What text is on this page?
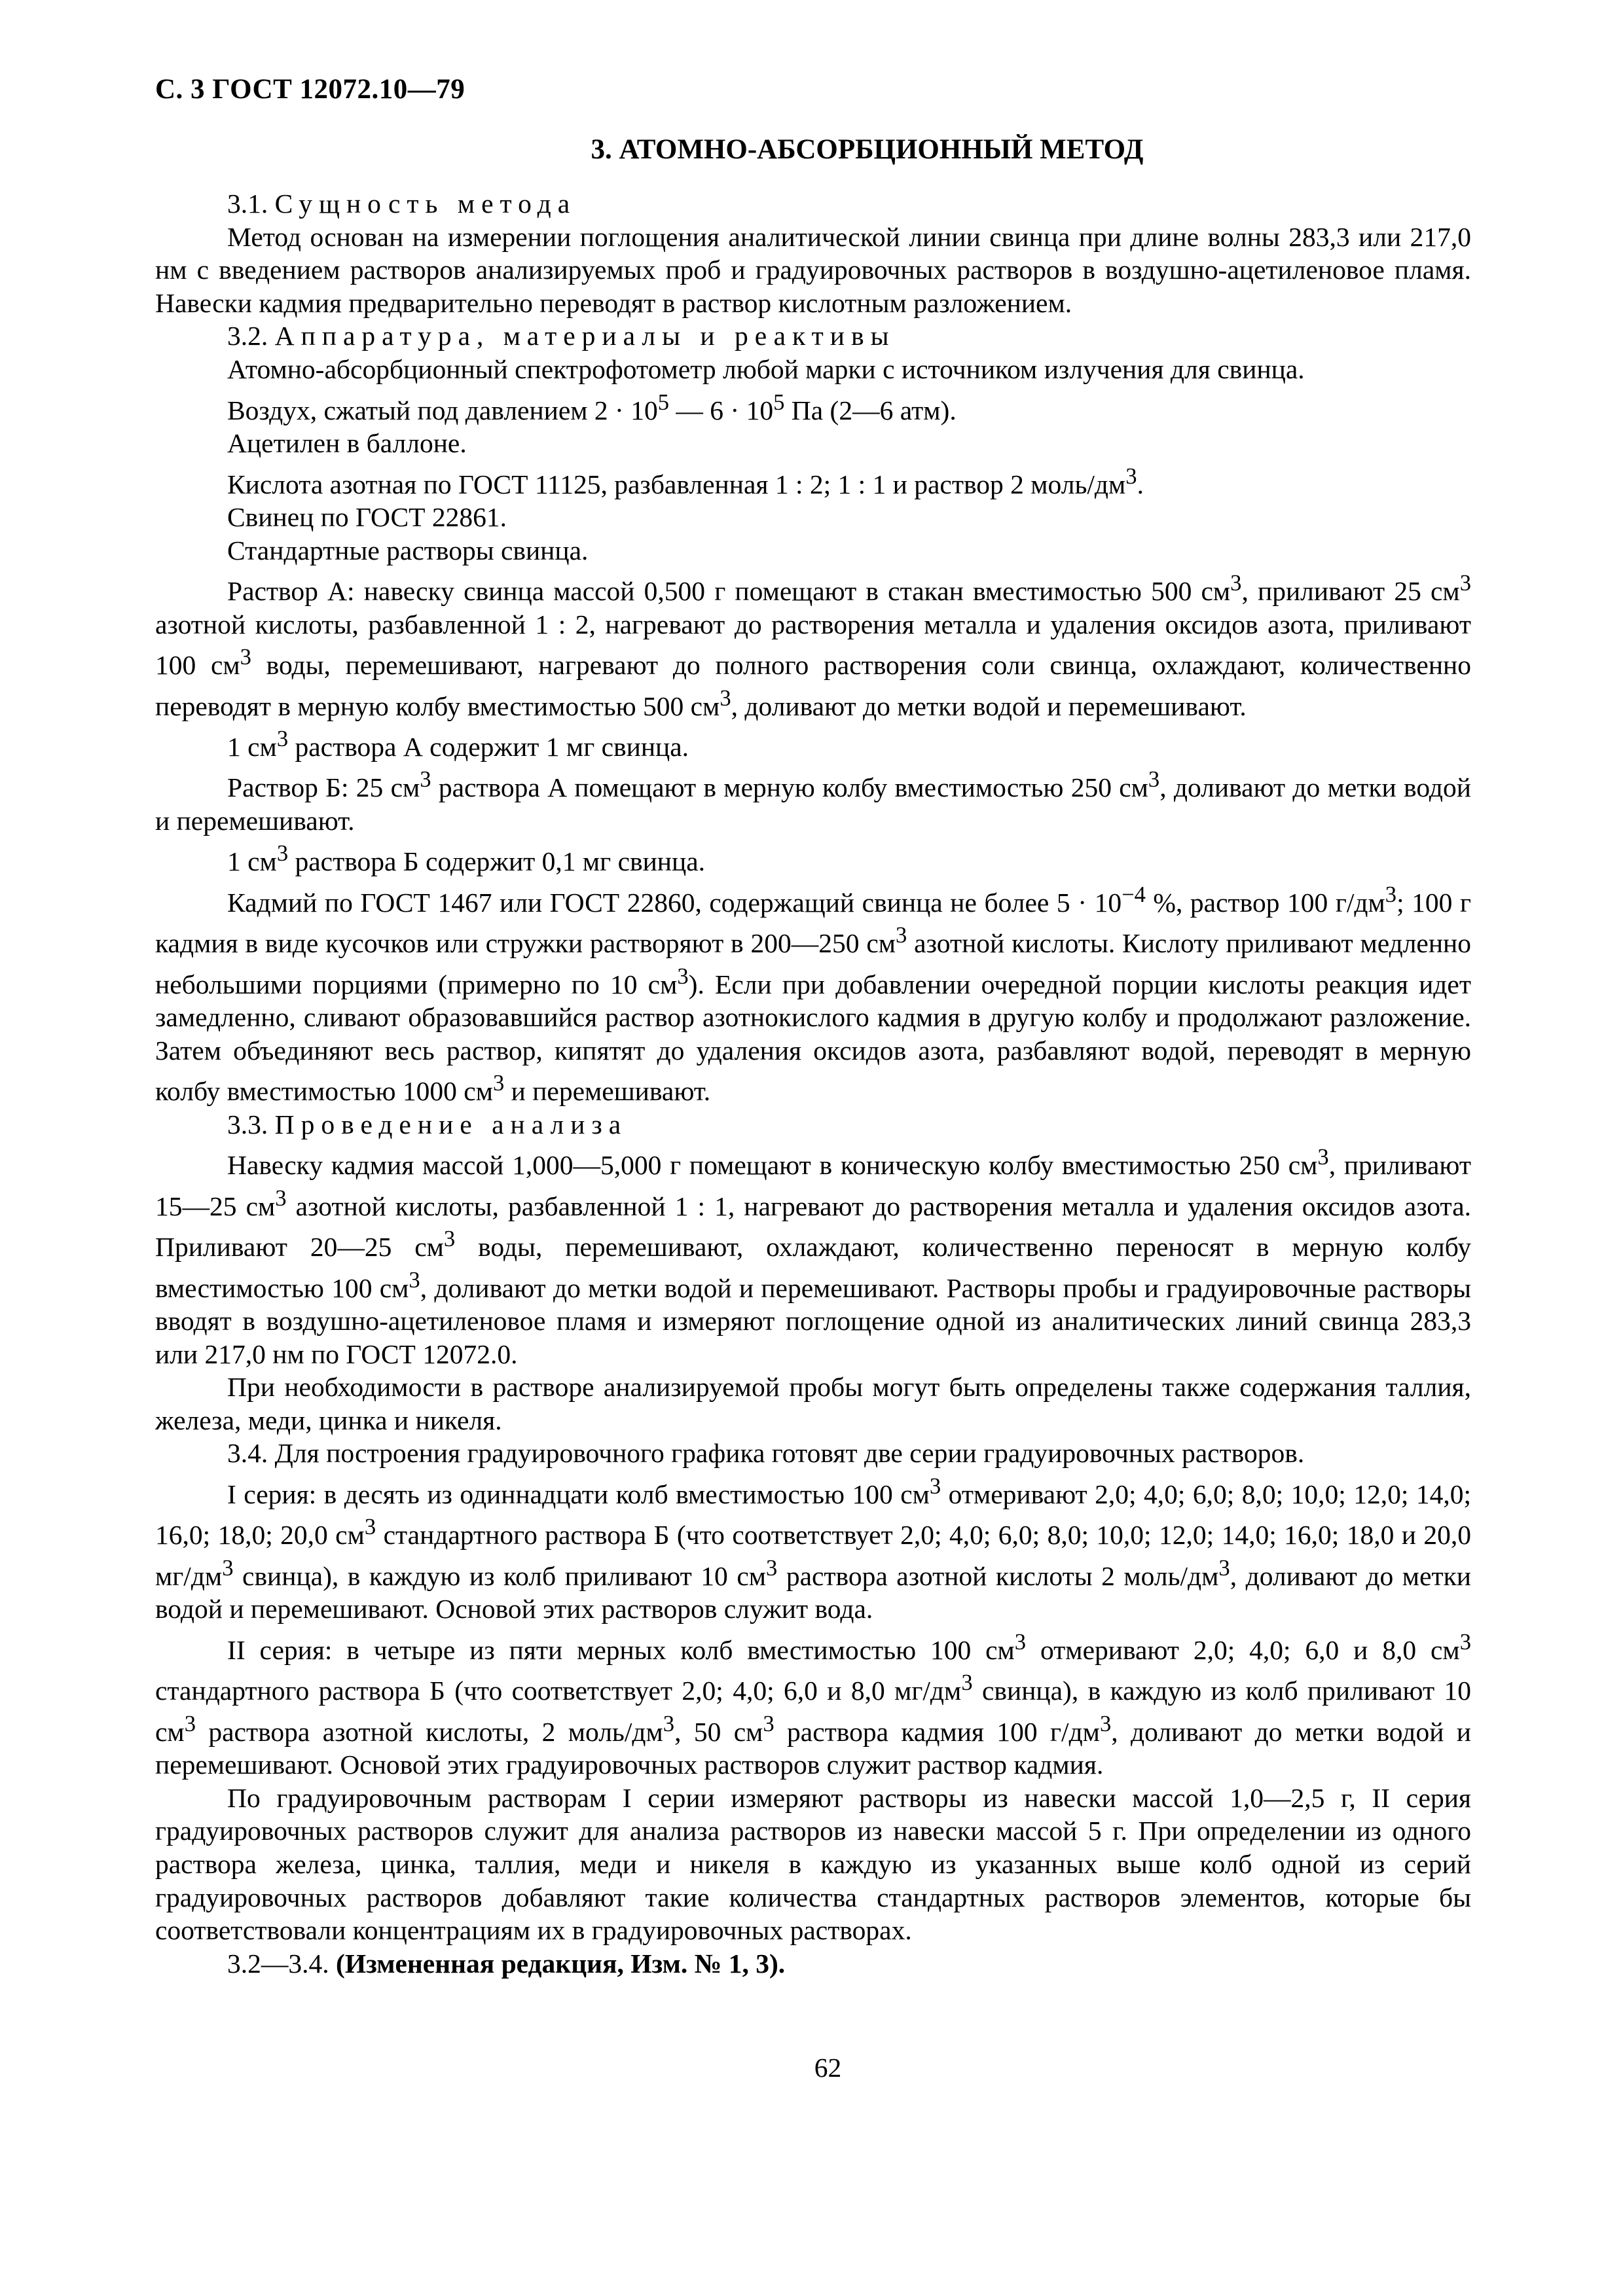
С. 3 ГОСТ 12072.10—79
3. АТОМНО-АБСОРБЦИОННЫЙ МЕТОД

3.1. Сущность метода

Метод основан на измерении поглощения аналитической линии свинца при длине волны 283,3 или 217,0 нм с введением растворов анализируемых проб и градуировочных растворов в воздушно-ацетиленовое пламя. Навески кадмия предварительно переводят в раствор кислотным разложением.

3.2. Аппаратура, материалы и реактивы

Атомно-абсорбционный спектрофотометр любой марки с источником излучения для свинца.

Воздух, сжатый под давлением $2 \cdot 10^5$ — $6 \cdot 10^5$ Па (2—6 атм).

Ацетилен в баллоне.

Кислота азотная по ГОСТ 11125, разбавленная 1 : 2; 1 : 1 и раствор 2 моль/$дм^3$.

Свинец по ГОСТ 22861.

Стандартные растворы свинца.

Раствор А: навеску свинца массой 0,500 г помещают в стакан вместимостью 500 $см^3$, приливают 25 $см^3$ азотной кислоты, разбавленной 1 : 2, нагревают до растворения металла и удаления оксидов азота, приливают 100 $см^3$ воды, перемешивают, нагревают до полного растворения соли свинца, охлаждают, количественно переводят в мерную колбу вместимостью 500 $см^3$, доливают до метки водой и перемешивают.

1 $см^3$ раствора А содержит 1 мг свинца.

Раствор Б: 25 $см^3$ раствора А помещают в мерную колбу вместимостью 250 $см^3$, доливают до метки водой и перемешивают.

1 $см^3$ раствора Б содержит 0,1 мг свинца.

Кадмий по ГОСТ 1467 или ГОСТ 22860, содержащий свинца не более $5 \cdot 10^{-4}$ %, раствор 100 $г/дм^3$; 100 г кадмия в виде кусочков или стружки растворяют в 200—250 $см^3$ азотной кислоты. Кислоту приливают медленно небольшими порциями (примерно по 10 $см^3$). Если при добавлении очередной порции кислоты реакция идет замедленно, сливают образовавшийся раствор азотнокислого кадмия в другую колбу и продолжают разложение. Затем объединяют весь раствор, кипятят до удаления оксидов азота, разбавляют водой, переводят в мерную колбу вместимостью 1000 $см^3$ и перемешивают.

3.3. Проведение анализа

Навеску кадмия массой 1,000—5,000 г помещают в коническую колбу вместимостью 250 $см^3$, приливают 15—25 $см^3$ азотной кислоты, разбавленной 1 : 1, нагревают до растворения металла и удаления оксидов азота. Приливают 20—25 $см^3$ воды, перемешивают, охлаждают, количественно переносят в мерную колбу вместимостью 100 $см^3$, доливают до метки водой и перемешивают. Растворы пробы и градуировочные растворы вводят в воздушно-ацетиленовое пламя и измеряют поглощение одной из аналитических линий свинца 283,3 или 217,0 нм по ГОСТ 12072.0.

При необходимости в растворе анализируемой пробы могут быть определены также содержания таллия, железа, меди, цинка и никеля.

3.4. Для построения градуировочного графика готовят две серии градуировочных растворов.

I серия: в десять из одиннадцати колб вместимостью 100 $см^3$ отмеривают 2,0; 4,0; 6,0; 8,0; 10,0; 12,0; 14,0; 16,0; 18,0; 20,0 $см^3$ стандартного раствора Б (что соответствует 2,0; 4,0; 6,0; 8,0; 10,0; 12,0; 14,0; 16,0; 18,0 и 20,0 $мг/дм^3$ свинца), в каждую из колб приливают 10 $см^3$ раствора азотной кислоты 2 моль/$дм^3$, доливают до метки водой и перемешивают. Основой этих растворов служит вода.

II серия: в четыре из пяти мерных колб вместимостью 100 $см^3$ отмеривают 2,0; 4,0; 6,0 и 8,0 $см^3$ стандартного раствора Б (что соответствует 2,0; 4,0; 6,0 и 8,0 $мг/дм^3$ свинца), в каждую из колб приливают 10 $см^3$ раствора азотной кислоты, 2 моль/$дм^3$, 50 $см^3$ раствора кадмия 100 $г/дм^3$, доливают до метки водой и перемешивают. Основой этих градуировочных растворов служит раствор кадмия.

По градуировочным растворам I серии измеряют растворы из навески массой 1,0—2,5 г, II серия градуировочных растворов служит для анализа растворов из навески массой 5 г. При определении из одного раствора железа, цинка, таллия, меди и никеля в каждую из указанных выше колб одной из серий градуировочных растворов добавляют такие количества стандартных растворов элементов, которые бы соответствовали концентрациям их в градуировочных растворах.

3.2—3.4. (Измененная редакция, Изм. № 1, 3).

62
